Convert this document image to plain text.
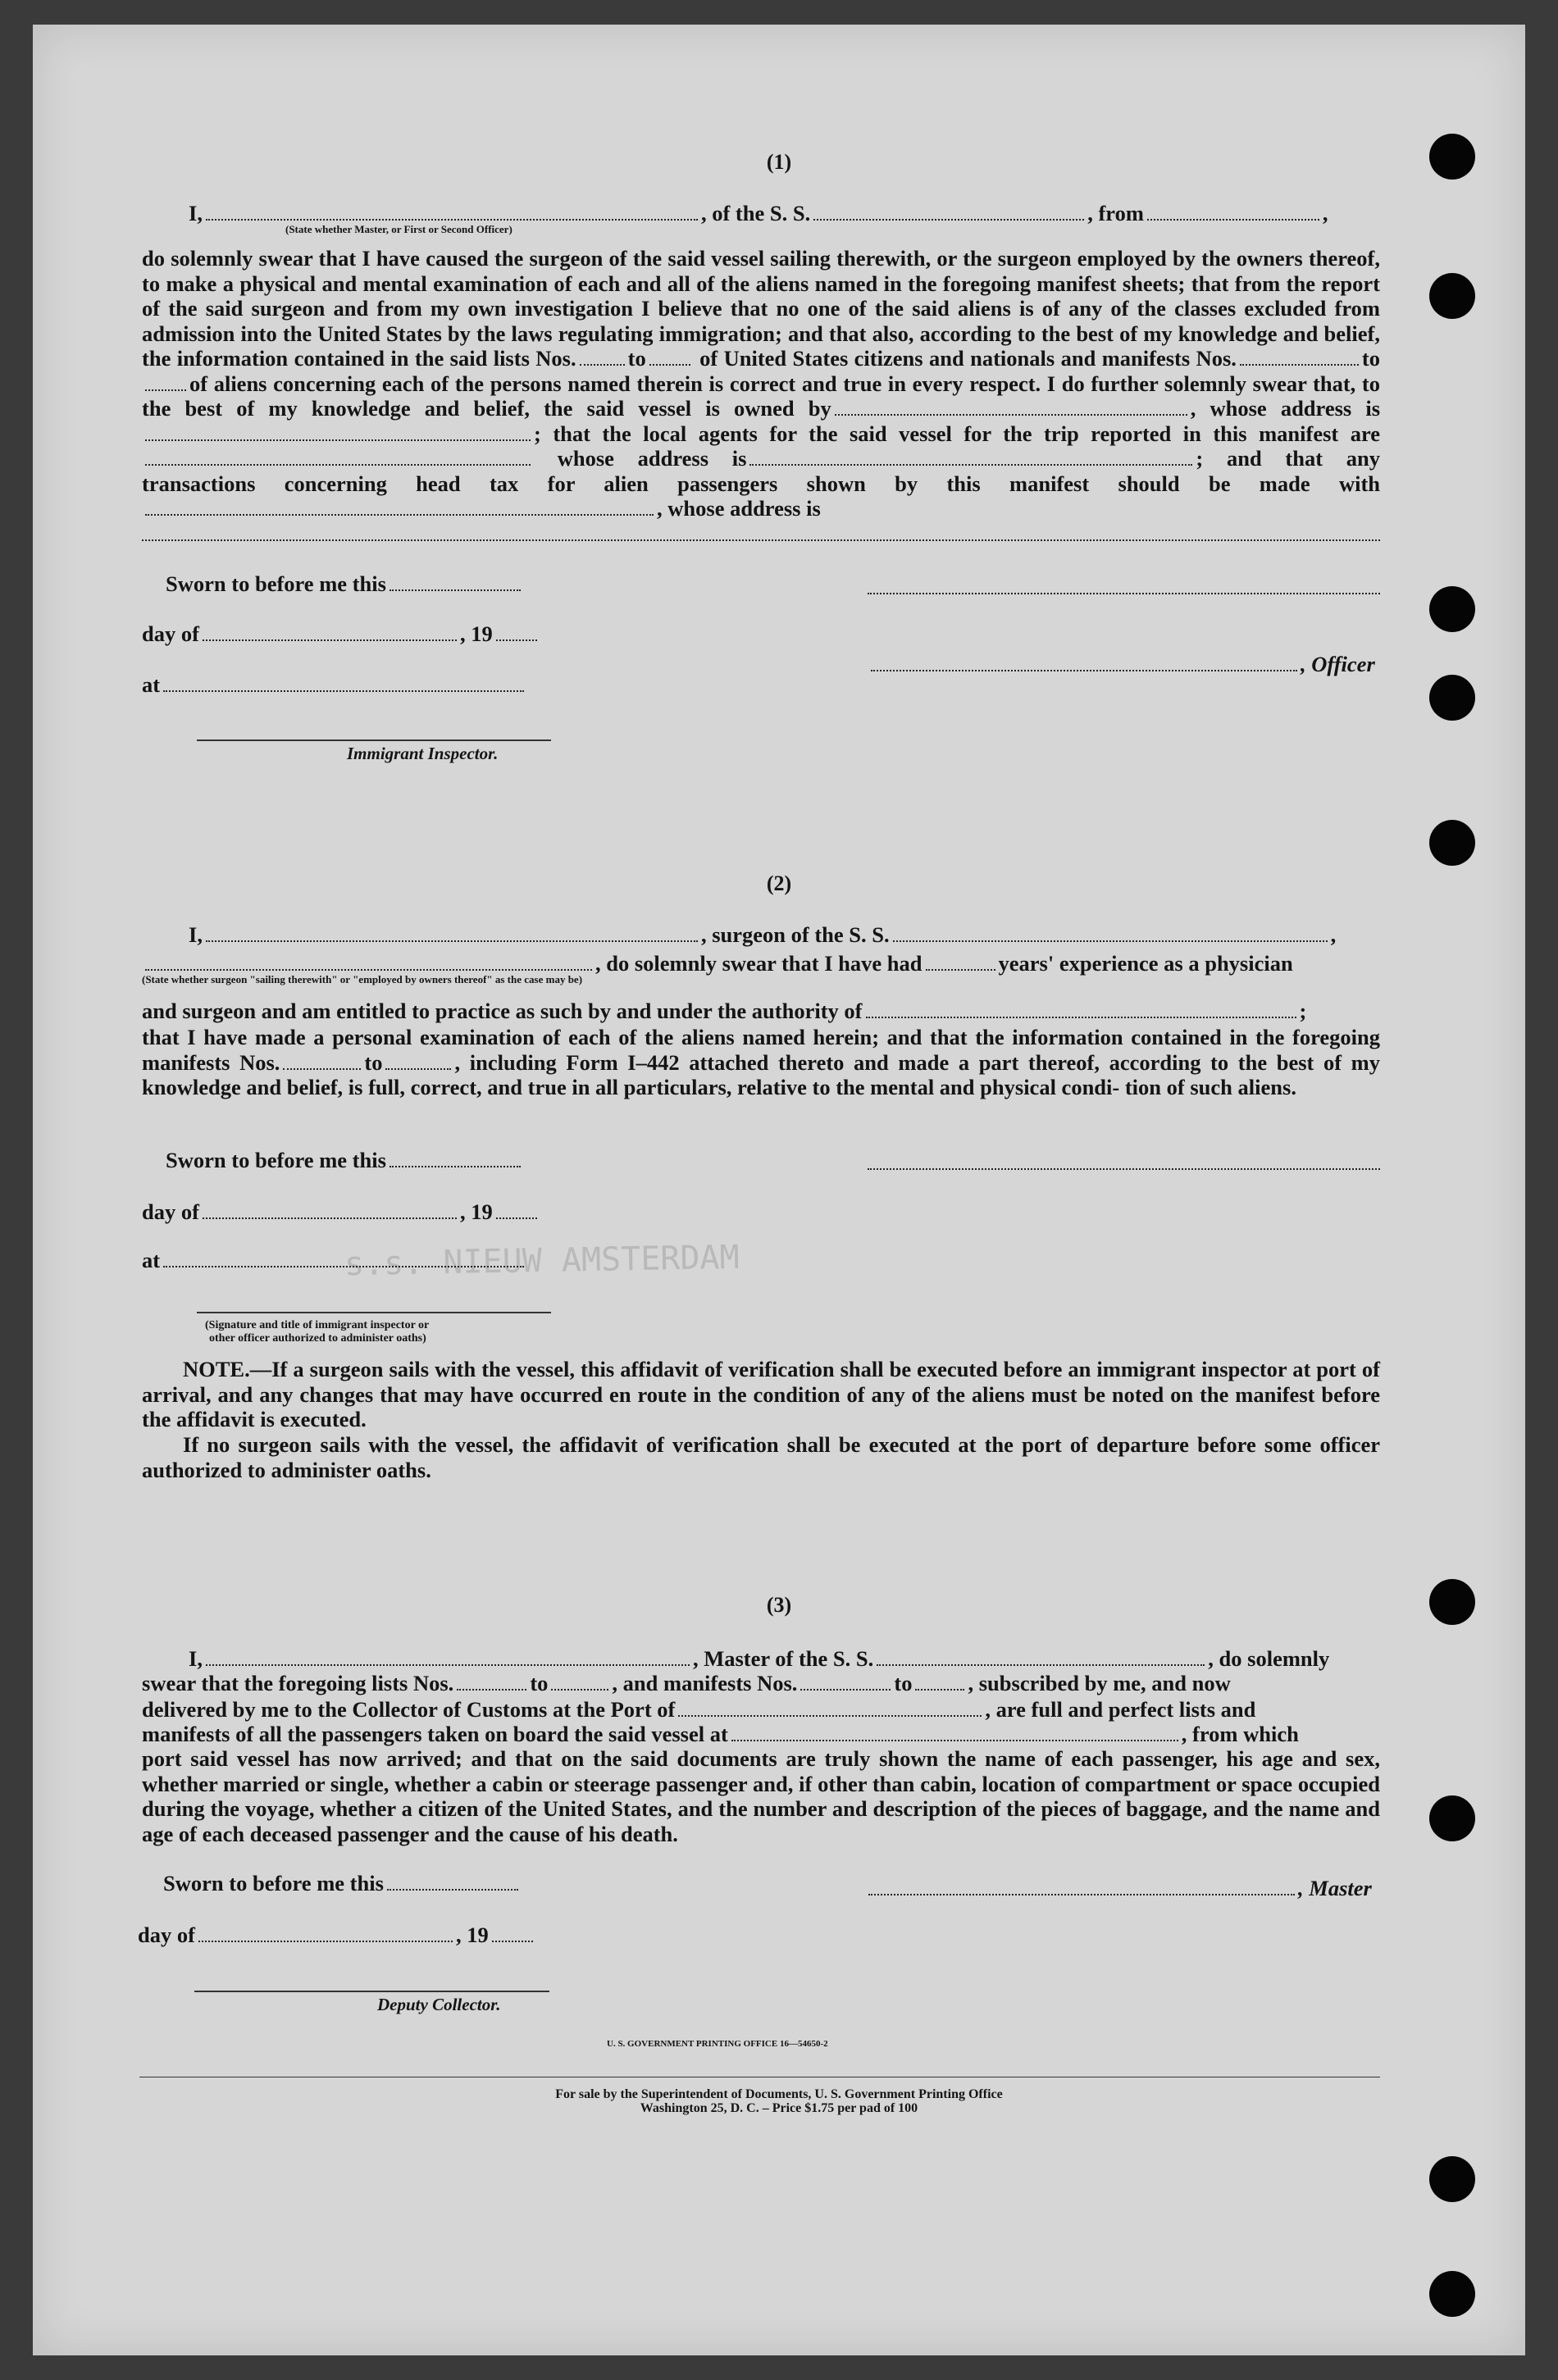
s.s. NIEUW AMSTERDAM
(1)
I,	, of the S. S.	, from	,
(State whether Master, or First or Second Officer)
do solemnly swear that I have caused the surgeon of the said vessel sailing therewith, or the surgeon employed by the owners thereof, to make a physical and mental examination of each and all of the aliens named in the foregoing manifest sheets; that from the report of the said surgeon and from my own investigation I believe that no one of the said aliens is of any of the classes excluded from admission into the United States by the laws regulating immigration; and that also, according to the best of my knowledge and belief, the information contained in the said lists Nos. to of United States citizens and nationals and manifests Nos.	toof aliens concerning each of the persons named therein is correct and true in every respect. I do further solemnly swear that, to the best of my knowledge and belief, the said vessel is owned by	, whose address is; that the local agents for the said vessel for the trip reported in this manifest are whose address is	; and that any transactions concerning head tax for alien passengers shown by this manifest should be made with, whose address is
Sworn to before me this
day of	, 19
, Officer
at
Immigrant Inspector.
(2)
I,	, surgeon of the S. S.	,
, do solemnly swear that I have had	years' experience as a physician
(State whether surgeon "sailing therewith" or "employed by owners thereof" as the case may be)
and surgeon and am entitled to practice as such by and under the authority of	;
that I have made a personal examination of each of the aliens named herein; and that the information contained in the foregoing manifests Nos.	to	, including Form I–442 attached thereto and made a part thereof, according to the best of my knowledge and belief, is full, correct, and true in all particulars, relative to the mental and physical condi- tion of such aliens.
Sworn to before me this
day of	, 19
at
(Signature and title of immigrant inspector or
other officer authorized to administer oaths)
NOTE.—If a surgeon sails with the vessel, this affidavit of verification shall be executed before an immigrant inspector at port of arrival, and any changes that may have occurred en route in the condition of any of the aliens must be noted on the manifest before the affidavit is executed.
If no surgeon sails with the vessel, the affidavit of verification shall be executed at the port of departure before some officer authorized to administer oaths.
(3)
I,	, Master of the S. S.	, do solemnly
swear that the foregoing lists Nos.	to	, and manifests Nos.	to	, subscribed by me, and now
delivered by me to the Collector of Customs at the Port of	, are full and perfect lists and
manifests of all the passengers taken on board the said vessel at	, from which
port said vessel has now arrived; and that on the said documents are truly shown the name of each passenger, his age and sex, whether married or single, whether a cabin or steerage passenger and, if other than cabin, location of compartment or space occupied during the voyage, whether a citizen of the United States, and the number and description of the pieces of baggage, and the name and age of each deceased passenger and the cause of his death.
Sworn to before me this	, Master
day of	, 19
Deputy Collector.
U. S. GOVERNMENT PRINTING OFFICE 16—54650-2
For sale by the Superintendent of Documents, U. S. Government Printing Office
Washington 25, D. C. – Price $1.75 per pad of 100
